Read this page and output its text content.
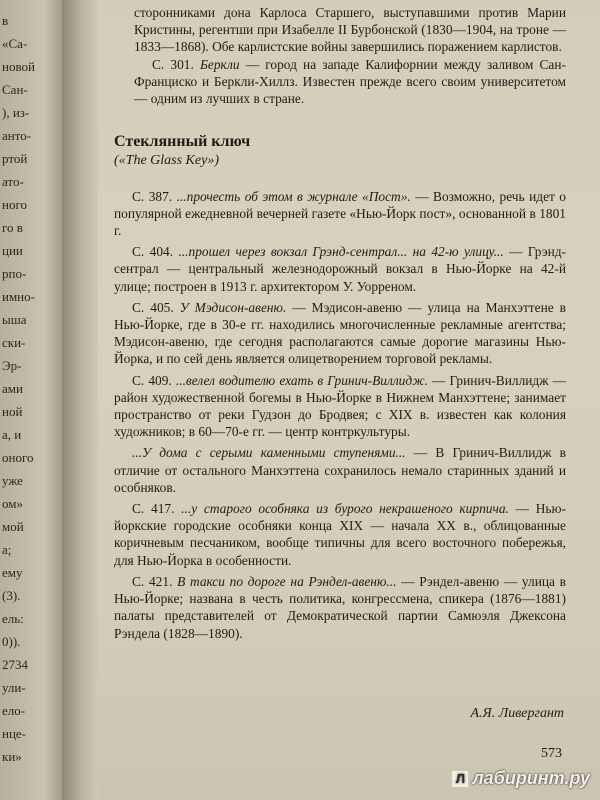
в
«Са-
новой
Сан-
), из-
анто-
ртой
ато-
ного
го в
ции
рпо-
имно-
ыша
ски-
Эр-
ами
ной
а, и
оного
уже
ом»
мой
а;
ему
(3).
ель:
0)).
2734
ули-
ело-
нце-
ки»

сторонниками дона Карлоса Старшего, выступавшими против Марии Кристины, регентши при Изабелле II Бурбонской (1830—1904, на троне — 1833—1868). Обе карлистские войны завершились поражением карлистов.

С. 301. Беркли — город на западе Калифорнии между заливом Сан-Франциско и Беркли-Хиллз. Известен прежде всего своим университетом — одним из лучших в стране.

Стеклянный ключ
(«The Glass Key»)

С. 387. ...прочесть об этом в журнале «Пост». — Возможно, речь идет о популярной ежедневной вечерней газете «Нью-Йорк пост», основанной в 1801 г.

С. 404. ...прошел через вокзал Грэнд-сентрал... на 42-ю улицу... — Грэнд-сентрал — центральный железнодорожный вокзал в Нью-Йорке на 42-й улице; построен в 1913 г. архитектором У. Уорреном.

С. 405. У Мэдисон-авеню. — Мэдисон-авеню — улица на Манхэттене в Нью-Йорке, где в 30-е гг. находились многочисленные рекламные агентства; Мэдисон-авеню, где сегодня располагаются самые дорогие магазины Нью-Йорка, и по сей день является олицетворением торговой рекламы.

С. 409. ...велел водителю ехать в Гринич-Виллидж. — Гринич-Виллидж — район художественной богемы в Нью-Йорке в Нижнем Манхэттене; занимает пространство от реки Гудзон до Бродвея; с XIX в. известен как колония художников; в 60—70-е гг. — центр контркультуры.

...У дома с серыми каменными ступенями... — В Гринич-Виллидж в отличие от остального Манхэттена сохранилось немало старинных зданий и особняков.

С. 417. ...у старого особняка из бурого некрашеного кирпича. — Нью-йоркские городские особняки конца XIX — начала XX в., облицованные коричневым песчаником, вообще типичны для всего восточного побережья, для Нью-Йорка в особенности.

С. 421. В такси по дороге на Рэндел-авеню... — Рэндел-авеню — улица в Нью-Йорке; названа в честь политика, конгрессмена, спикера (1876—1881) палаты представителей от Демократической партии Самюэля Джексона Рэндела (1828—1890).

А.Я. Ливергант
573
Л лабиринт.ру
